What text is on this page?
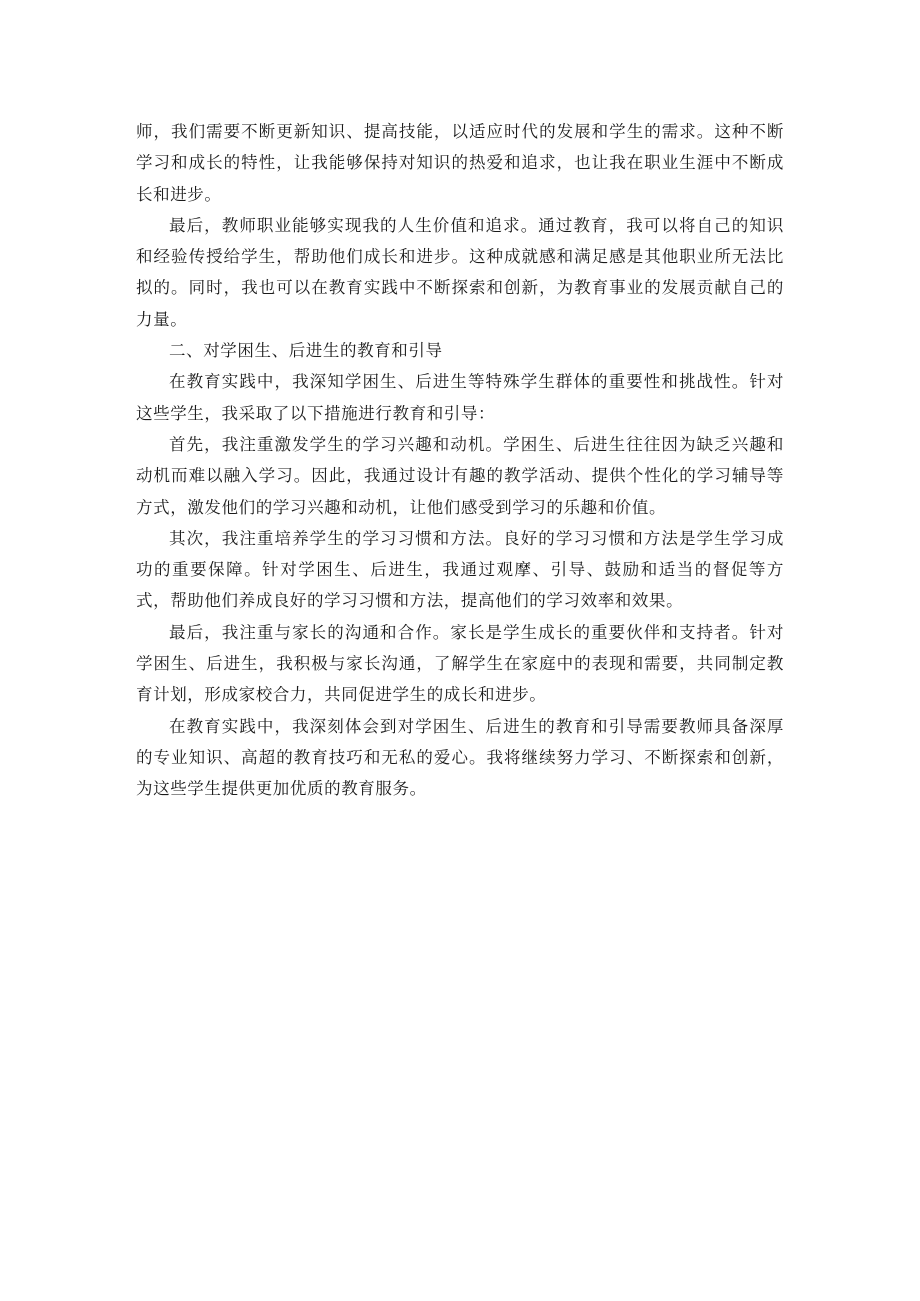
师，我们需要不断更新知识、提高技能，以适应时代的发展和学生的需求。这种不断学习和成长的特性，让我能够保持对知识的热爱和追求，也让我在职业生涯中不断成长和进步。

最后，教师职业能够实现我的人生价值和追求。通过教育，我可以将自己的知识和经验传授给学生，帮助他们成长和进步。这种成就感和满足感是其他职业所无法比拟的。同时，我也可以在教育实践中不断探索和创新，为教育事业的发展贡献自己的力量。

二、对学困生、后进生的教育和引导

在教育实践中，我深知学困生、后进生等特殊学生群体的重要性和挑战性。针对这些学生，我采取了以下措施进行教育和引导：

首先，我注重激发学生的学习兴趣和动机。学困生、后进生往往因为缺乏兴趣和动机而难以融入学习。因此，我通过设计有趣的教学活动、提供个性化的学习辅导等方式，激发他们的学习兴趣和动机，让他们感受到学习的乐趣和价值。

其次，我注重培养学生的学习习惯和方法。良好的学习习惯和方法是学生学习成功的重要保障。针对学困生、后进生，我通过观摩、引导、鼓励和适当的督促等方式，帮助他们养成良好的学习习惯和方法，提高他们的学习效率和效果。

最后，我注重与家长的沟通和合作。家长是学生成长的重要伙伴和支持者。针对学困生、后进生，我积极与家长沟通，了解学生在家庭中的表现和需要，共同制定教育计划，形成家校合力，共同促进学生的成长和进步。

在教育实践中，我深刻体会到对学困生、后进生的教育和引导需要教师具备深厚的专业知识、高超的教育技巧和无私的爱心。我将继续努力学习、不断探索和创新，为这些学生提供更加优质的教育服务。
